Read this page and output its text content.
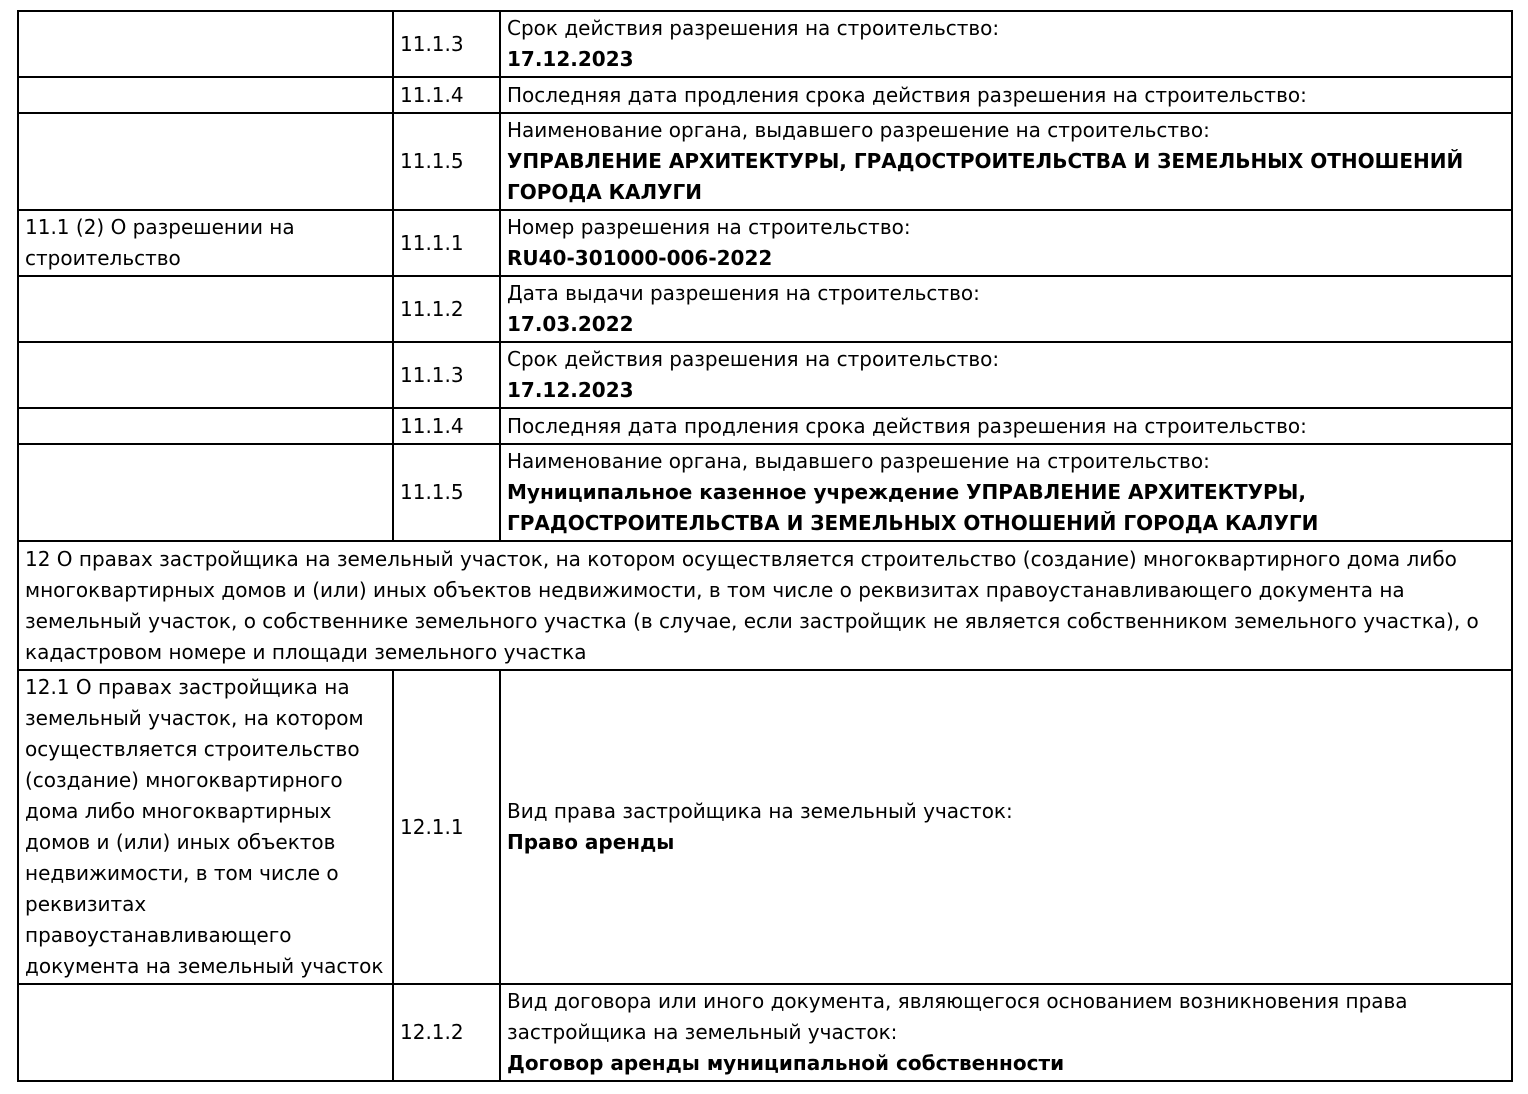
	11.1.3	Срок действия разрешения на строительство:
17.12.2023

	11.1.4	Последняя дата продления срока действия разрешения на строительство:

	11.1.5	Наименование органа, выдавшего разрешение на строительство:
УПРАВЛЕНИЕ АРХИТЕКТУРЫ, ГРАДОСТРОИТЕЛЬСТВА И ЗЕМЕЛЬНЫХ ОТНОШЕНИЙ ГОРОДА КАЛУГИ

11.1 (2) О разрешении на строительство	11.1.1	Номер разрешения на строительство:
RU40-301000-006-2022

	11.1.2	Дата выдачи разрешения на строительство:
17.03.2022

	11.1.3	Срок действия разрешения на строительство:
17.12.2023

	11.1.4	Последняя дата продления срока действия разрешения на строительство:

	11.1.5	Наименование органа, выдавшего разрешение на строительство:
Муниципальное казенное учреждение УПРАВЛЕНИЕ АРХИТЕКТУРЫ, ГРАДОСТРОИТЕЛЬСТВА И ЗЕМЕЛЬНЫХ ОТНОШЕНИЙ ГОРОДА КАЛУГИ

12 О правах застройщика на земельный участок, на котором осуществляется строительство (создание) многоквартирного дома либо многоквартирных домов и (или) иных объектов недвижимости, в том числе о реквизитах правоустанавливающего документа на земельный участок, о собственнике земельного участка (в случае, если застройщик не является собственником земельного участка), о кадастровом номере и площади земельного участка		
12.1 О правах застройщика на земельный участок, на котором осуществляется строительство (создание) многоквартирного дома либо многоквартирных домов и (или) иных объектов недвижимости, в том числе о реквизитах правоустанавливающего документа на земельный участок	12.1.1	Вид права застройщика на земельный участок:
Право аренды

	12.1.2	Вид договора или иного документа, являющегося основанием возникновения права застройщика на земельный участок:
Договор аренды муниципальной собственности
